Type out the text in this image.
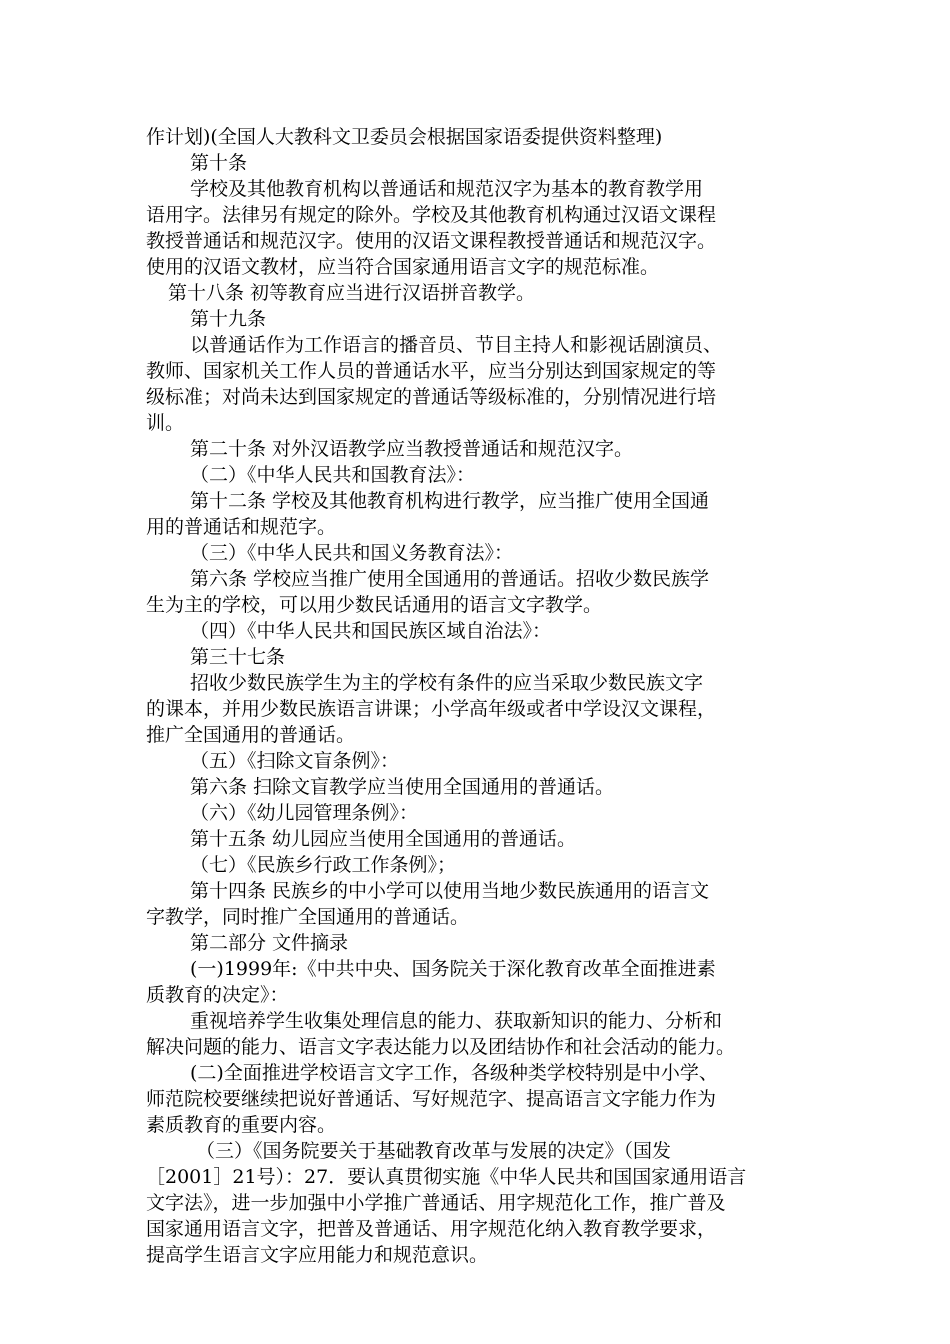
作计划)(全国人大教科文卫委员会根据国家语委提供资料整理)

第十条

学校及其他教育机构以普通话和规范汉字为基本的教育教学用

语用字。法律另有规定的除外。学校及其他教育机构通过汉语文课程

教授普通话和规范汉字。使用的汉语文课程教授普通话和规范汉字。

使用的汉语文教材，应当符合国家通用语言文字的规范标准。

第十八条 初等教育应当进行汉语拼音教学。

第十九条

以普通话作为工作语言的播音员、节目主持人和影视话剧演员、

教师、国家机关工作人员的普通话水平，应当分别达到国家规定的等

级标准；对尚未达到国家规定的普通话等级标准的，分别情况进行培

训。

第二十条 对外汉语教学应当教授普通话和规范汉字。

（二）《中华人民共和国教育法》：

第十二条 学校及其他教育机构进行教学，应当推广使用全国通

用的普通话和规范字。

（三）《中华人民共和国义务教育法》：

第六条 学校应当推广使用全国通用的普通话。招收少数民族学

生为主的学校，可以用少数民话通用的语言文字教学。

（四）《中华人民共和国民族区域自治法》：

第三十七条

招收少数民族学生为主的学校有条件的应当采取少数民族文字

的课本，并用少数民族语言讲课；小学高年级或者中学设汉文课程，

推广全国通用的普通话。

（五）《扫除文盲条例》：

第六条 扫除文盲教学应当使用全国通用的普通话。

（六）《幼儿园管理条例》：

第十五条 幼儿园应当使用全国通用的普通话。

（七）《民族乡行政工作条例》；

第十四条 民族乡的中小学可以使用当地少数民族通用的语言文

字教学，同时推广全国通用的普通话。

第二部分 文件摘录

(一)1999年:《中共中央、国务院关于深化教育改革全面推进素

质教育的决定》：

重视培养学生收集处理信息的能力、获取新知识的能力、分析和

解决问题的能力、语言文字表达能力以及团结协作和社会活动的能力。

(二)全面推进学校语言文字工作，各级种类学校特别是中小学、

师范院校要继续把说好普通话、写好规范字、提高语言文字能力作为

素质教育的重要内容。

（三）《国务院要关于基础教育改革与发展的决定》（国发

［2001］21号）：27．要认真贯彻实施《中华人民共和国国家通用语言

文字法》，进一步加强中小学推广普通话、用字规范化工作，推广普及

国家通用语言文字，把普及普通话、用字规范化纳入教育教学要求，

提高学生语言文字应用能力和规范意识。
